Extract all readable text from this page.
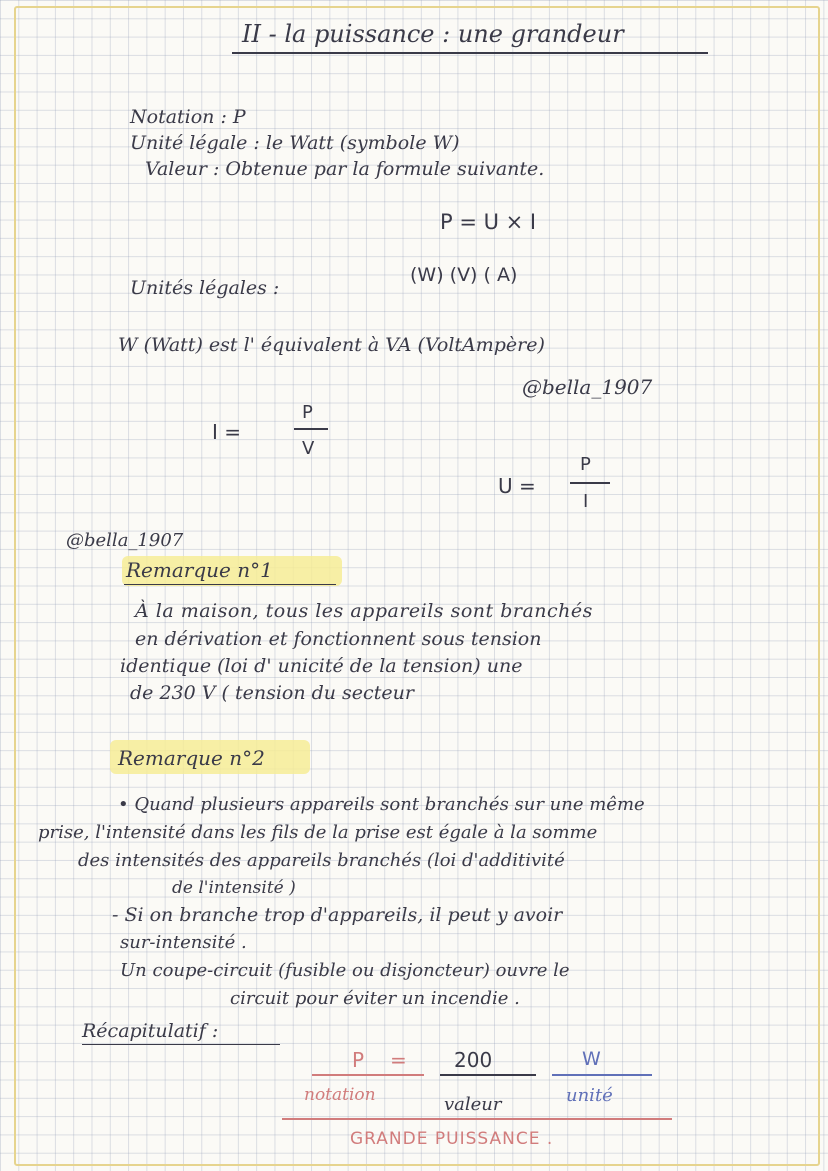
II - la puissance : une grandeur
Notation : P
Unité légale : le Watt (symbole W)
Valeur : Obtenue par la formule suivante.
P = U × I
Unités légales :
(W) (V) ( A)
W (Watt) est l' équivalent à VA (VoltAmpère)
@bella_1907
I =
P
V
U =
P
I
@bella_1907
Remarque n°1
À la maison, tous les appareils sont branchés
en dérivation et fonctionnent sous tension
identique (loi d' unicité de la tension) une
de 230 V ( tension du secteur
Remarque n°2
• Quand plusieurs appareils sont branchés sur une même
prise, l'intensité dans les fils de la prise est égale à la somme
des intensités des appareils branchés (loi d'additivité
de l'intensité )
- Si on branche trop d'appareils, il peut y avoir
sur-intensité .
Un coupe-circuit (fusible ou disjoncteur) ouvre le
circuit pour éviter un incendie .
Récapitulatif :
P = 200	W
notation	valeur	unité
GRANDE PUISSANCE .
